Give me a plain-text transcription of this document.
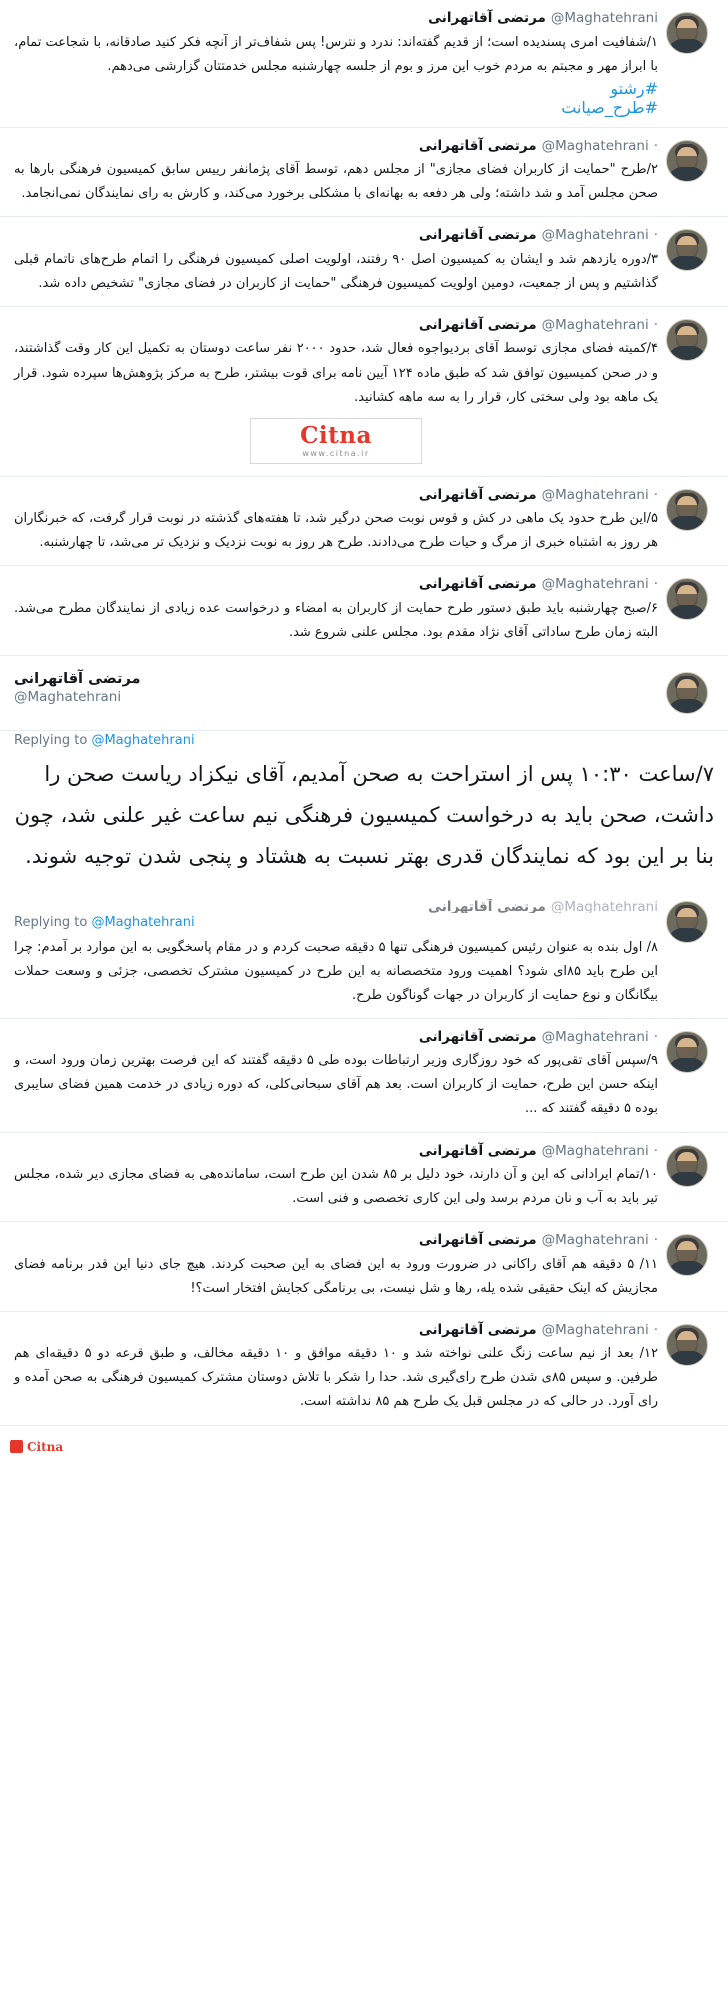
مرتضی آقاتهرانی @Maghatehrani
۱/شفافیت امری پسندیده است؛ از قدیم گفته‌اند: ندرد و نترس! پس شفاف‌تر از آنچه فکر کنید صادقانه، با شجاعت تمام، با ابراز مهر و مجبتم به مردم خوب این مرز و بوم از جلسه چهارشنبه مجلس خدمتتان گزارشی می‌دهم.
#رشتو
#طرح_صیانت
مرتضی آقاتهرانی @Maghatehrani ·
۲/طرح "حمایت از کاربران فضای مجازی" از مجلس دهم، توسط آقای پژمانفر رییس سابق کمیسیون فرهنگی بارها به صحن مجلس آمد و شد داشته؛ ولی هر دفعه به بهانه‌ای با مشکلی برخورد می‌کند، و کارش به رای نمایندگان نمی‌انجامد.
مرتضی آقاتهرانی @Maghatehrani ·
۳/دوره یازدهم شد و ایشان به کمیسیون اصل ۹۰ رفتند، اولویت اصلی کمیسیون فرهنگی را اتمام طرح‌های ناتمام قبلی گذاشتیم و پس از جمعیت، دومین اولویت کمیسیون فرهنگی "حمایت از کاربران در فضای مجازی" تشخیص داده شد.
مرتضی آقاتهرانی @Maghatehrani ·
۴/کمیته فضای مجازی توسط آقای بردیواجوه فعال شد، حدود ۲۰۰۰ نفر ساعت دوستان به تکمیل این کار وقت گذاشتند، و در صحن کمیسیون توافق شد که طبق ماده ۱۲۴ آیین نامه برای قوت بیشتر، طرح به مرکز پژوهش‌ها سپرده شود. قرار یک ماهه بود ولی سختی کار، قرار را به سه ماهه کشانید.
Citna
www.citna.ir
مرتضی آقاتهرانی @Maghatehrani ·
۵/این طرح حدود یک ماهی در کش و قوس نوبت صحن درگیر شد، تا هفته‌های گذشته در نوبت قرار گرفت، که خبرنگاران هر روز به اشتباه خبری از مرگ و حیات طرح می‌دادند. طرح هر روز به نوبت نزدیک و نزدیک تر می‌شد، تا چهارشنبه.
مرتضی آقاتهرانی @Maghatehrani ·
۶/صبح چهارشنبه باید طبق دستور طرح حمایت از کاربران به امضاء و درخواست عده زیادی از نمایندگان مطرح می‌شد. البته زمان طرح ساداتی آقای نژاد مقدم بود. مجلس علنی شروع شد.
مرتضی آقاتهرانی
@Maghatehrani
Replying to @Maghatehrani
۷/ساعت ۱۰:۳۰ پس از استراحت به صحن آمدیم، آقای نیکزاد ریاست صحن را داشت، صحن باید به درخواست کمیسیون فرهنگی نیم ساعت غیر علنی شد، چون بنا بر این بود که نمایندگان قدری بهتر نسبت به هشتاد و پنجی شدن توجیه شوند.
مرتضی آقاتهرانی @Maghatehrani
Replying to @Maghatehrani
۸/ اول بنده به عنوان رئیس کمیسیون فرهنگی تنها ۵ دقیقه صحبت کردم و در مقام پاسخگویی به این موارد بر آمدم: چرا این طرح باید ۸۵ای شود؟ اهمیت ورود متخصصانه به این طرح در کمیسیون مشترک تخصصی، جزئی و وسعت حملات بیگانگان و نوع حمایت از کاربران در جهات گوناگون طرح.
مرتضی آقاتهرانی @Maghatehrani ·
۹/سپس آقای تقی‌پور که خود روزگاری وزیر ارتباطات بوده طی ۵ دقیقه گفتند که این فرصت بهترین زمان ورود است، و اینکه حسن این طرح، حمایت از کاربران است. بعد هم آقای سبحانی‌کلی، که دوره زیادی در خدمت همین فضای سایبری بوده ۵ دقیقه گفتند که ...
مرتضی آقاتهرانی @Maghatehrani ·
۱۰/تمام ایرادانی که این و آن دارند، خود دلیل بر ۸۵ شدن این طرح است، سامانده‌هی به فضای مجازی دیر شده، مجلس تیر باید به آب و نان مردم برسد ولی این کاری تخصصی و فنی است.
مرتضی آقاتهرانی @Maghatehrani ·
۱۱/ ۵ دقیقه هم آقای راکانی در ضرورت ورود به این فضای به این صحبت کردند. هیچ جای دنیا این قدر برنامه فضای مجازیش که اینک حقیقی شده یله، رها و شل نیست، بی برنامگی کجایش افتخار است؟!
مرتضی آقاتهرانی @Maghatehrani ·
۱۲/ بعد از نیم ساعت زنگ علنی نواخته شد و ۱۰ دقیقه موافق و ۱۰ دقیقه مخالف، و طبق قرعه دو ۵ دقیقه‌ای هم طرفین. و سپس ۸۵ی شدن طرح رای‌گیری شد. حدا را شکر با تلاش دوستان مشترک کمیسیون فرهنگی به صحن آمده و رای آورد. در حالی که در مجلس قبل یک طرح هم ۸۵ نداشته است.
Citna
